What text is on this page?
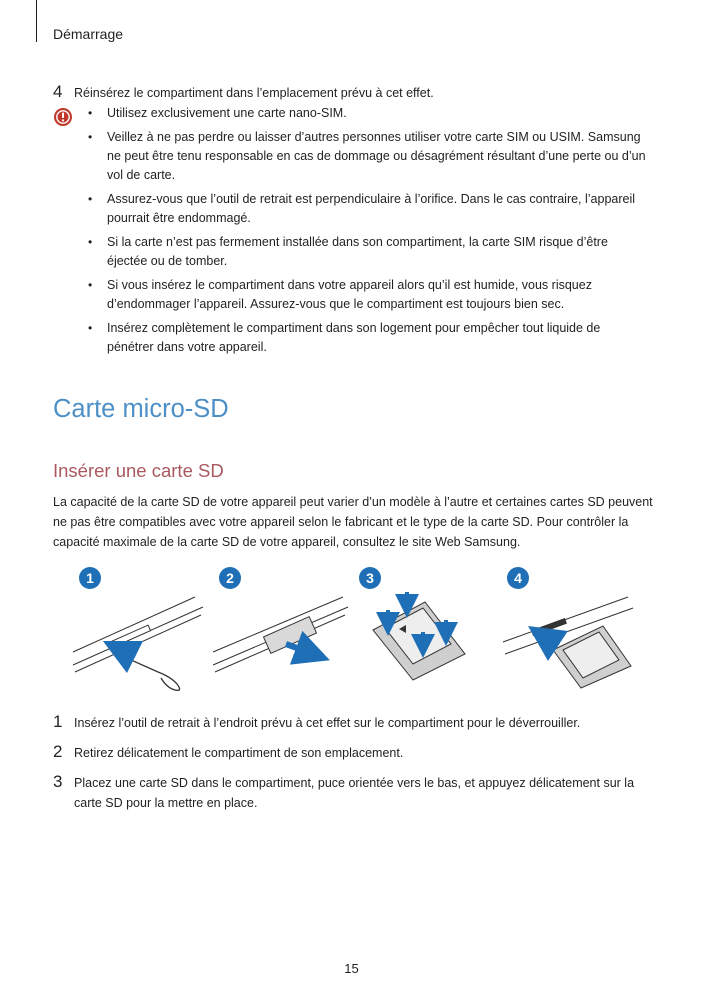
Démarrage
4 Réinsérez le compartiment dans l’emplacement prévu à cet effet.
• Utilisez exclusivement une carte nano-SIM.
• Veillez à ne pas perdre ou laisser d’autres personnes utiliser votre carte SIM ou USIM. Samsung ne peut être tenu responsable en cas de dommage ou désagrément résultant d’une perte ou d’un vol de carte.
• Assurez-vous que l’outil de retrait est perpendiculaire à l’orifice. Dans le cas contraire, l’appareil pourrait être endommagé.
• Si la carte n’est pas fermement installée dans son compartiment, la carte SIM risque d’être éjectée ou de tomber.
• Si vous insérez le compartiment dans votre appareil alors qu’il est humide, vous risquez d’endommager l’appareil. Assurez-vous que le compartiment est toujours bien sec.
• Insérez complètement le compartiment dans son logement pour empêcher tout liquide de pénétrer dans votre appareil.
Carte micro-SD
Insérer une carte SD

La capacité de la carte SD de votre appareil peut varier d’un modèle à l’autre et certaines cartes SD peuvent ne pas être compatibles avec votre appareil selon le fabricant et le type de la carte SD. Pour contrôler la capacité maximale de la carte SD de votre appareil, consultez le site Web Samsung.

1	2	3	4
1 Insérez l’outil de retrait à l’endroit prévu à cet effet sur le compartiment pour le déverrouiller.
2 Retirez délicatement le compartiment de son emplacement.
3 Placez une carte SD dans le compartiment, puce orientée vers le bas, et appuyez délicatement sur la carte SD pour la mettre en place.
15
